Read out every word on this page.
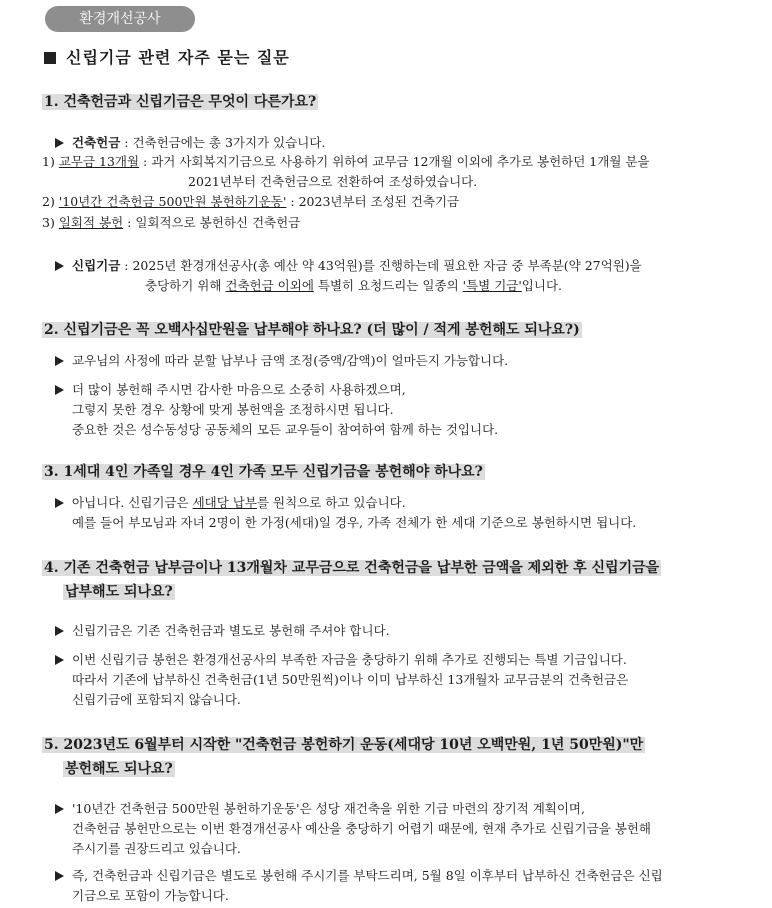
환경개선공사
신립기금 관련 자주 묻는 질문
1. 건축헌금과 신립기금은 무엇이 다른가요?
건축헌금 : 건축헌금에는 총 3가지가 있습니다.
1) 교무금 13개월 : 과거 사회복지기금으로 사용하기 위하여 교무금 12개월 이외에 추가로 봉헌하던 1개월 분을
2021년부터 건축헌금으로 전환하여 조성하였습니다.
2) '10년간 건축헌금 500만원 봉헌하기운동' : 2023년부터 조성된 건축기금
3) 일회적 봉헌 : 일회적으로 봉헌하신 건축헌금
신립기금 : 2025년 환경개선공사(총 예산 약 43억원)를 진행하는데 필요한 자금 중 부족분(약 27억원)을
충당하기 위해 건축헌금 이외에 특별히 요청드리는 일종의 '특별 기금'입니다.
2. 신립기금은 꼭 오백사십만원을 납부해야 하나요? (더 많이 / 적게 봉헌해도 되나요?)
교우님의 사정에 따라 분할 납부나 금액 조정(증액/감액)이 얼마든지 가능합니다.
더 많이 봉헌해 주시면 감사한 마음으로 소중히 사용하겠으며,
그렇지 못한 경우 상황에 맞게 봉헌액을 조정하시면 됩니다.
중요한 것은 성수동성당 공동체의 모든 교우들이 참여하여 함께 하는 것입니다.
3. 1세대 4인 가족일 경우 4인 가족 모두 신립기금을 봉헌해야 하나요?
아닙니다. 신립기금은 세대당 납부를 원칙으로 하고 있습니다.
예를 들어 부모님과 자녀 2명이 한 가정(세대)일 경우, 가족 전체가 한 세대 기준으로 봉헌하시면 됩니다.
4. 기존 건축헌금 납부금이나 13개월차 교무금으로 건축헌금을 납부한 금액을 제외한 후 신립기금을
납부해도 되나요?
신립기금은 기존 건축헌금과 별도로 봉헌해 주셔야 합니다.
이번 신립기금 봉헌은 환경개선공사의 부족한 자금을 충당하기 위해 추가로 진행되는 특별 기금입니다.
따라서 기존에 납부하신 건축헌금(1년 50만원씩)이나 이미 납부하신 13개월차 교무금분의 건축헌금은
신립기금에 포함되지 않습니다.
5. 2023년도 6월부터 시작한 "건축헌금 봉헌하기 운동(세대당 10년 오백만원, 1년 50만원)"만
봉헌해도 되나요?
'10년간 건축헌금 500만원 봉헌하기운동'은 성당 재건축을 위한 기금 마련의 장기적 계획이며,
건축헌금 봉헌만으로는 이번 환경개선공사 예산을 충당하기 어렵기 때문에, 현재 추가로 신립기금을 봉헌해
주시기를 권장드리고 있습니다.
즉, 건축헌금과 신립기금은 별도로 봉헌해 주시기를 부탁드리며, 5월 8일 이후부터 납부하신 건축헌금은 신립
기금으로 포함이 가능합니다.
